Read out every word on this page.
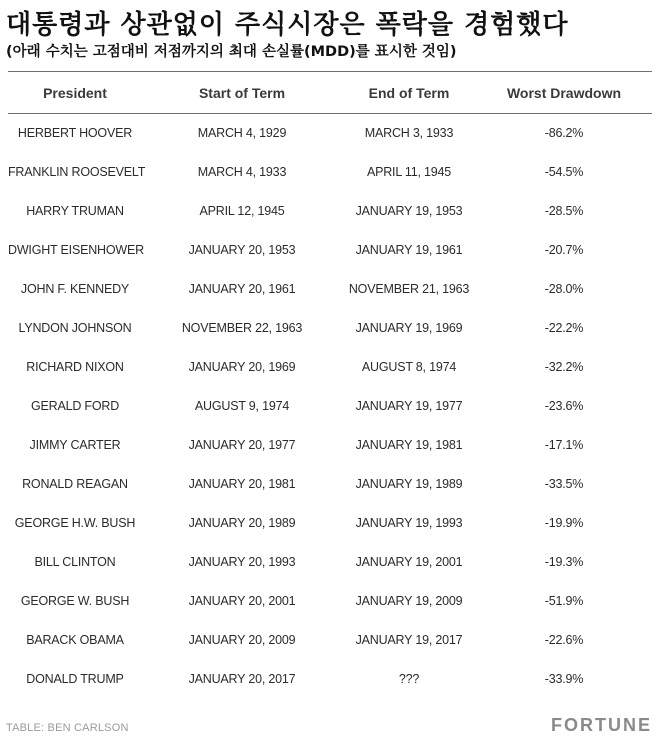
대통령과 상관없이 주식시장은 폭락을 경험했다
(아래 수치는 고점대비 저점까지의 최대 손실률(MDD)를 표시한 것임)
President	Start of Term	End of Term	Worst Drawdown
HERBERT HOOVER	MARCH 4, 1929	MARCH 3, 1933	-86.2%
FRANKLIN ROOSEVELT	MARCH 4, 1933	APRIL 11, 1945	-54.5%
HARRY TRUMAN	APRIL 12, 1945	JANUARY 19, 1953	-28.5%
DWIGHT EISENHOWER	JANUARY 20, 1953	JANUARY 19, 1961	-20.7%
JOHN F. KENNEDY	JANUARY 20, 1961	NOVEMBER 21, 1963	-28.0%
LYNDON JOHNSON	NOVEMBER 22, 1963	JANUARY 19, 1969	-22.2%
RICHARD NIXON	JANUARY 20, 1969	AUGUST 8, 1974	-32.2%
GERALD FORD	AUGUST 9, 1974	JANUARY 19, 1977	-23.6%
JIMMY CARTER	JANUARY 20, 1977	JANUARY 19, 1981	-17.1%
RONALD REAGAN	JANUARY 20, 1981	JANUARY 19, 1989	-33.5%
GEORGE H.W. BUSH	JANUARY 20, 1989	JANUARY 19, 1993	-19.9%
BILL CLINTON	JANUARY 20, 1993	JANUARY 19, 2001	-19.3%
GEORGE W. BUSH	JANUARY 20, 2001	JANUARY 19, 2009	-51.9%
BARACK OBAMA	JANUARY 20, 2009	JANUARY 19, 2017	-22.6%
DONALD TRUMP	JANUARY 20, 2017	???	-33.9%
TABLE: BEN CARLSON	FORTUNE
